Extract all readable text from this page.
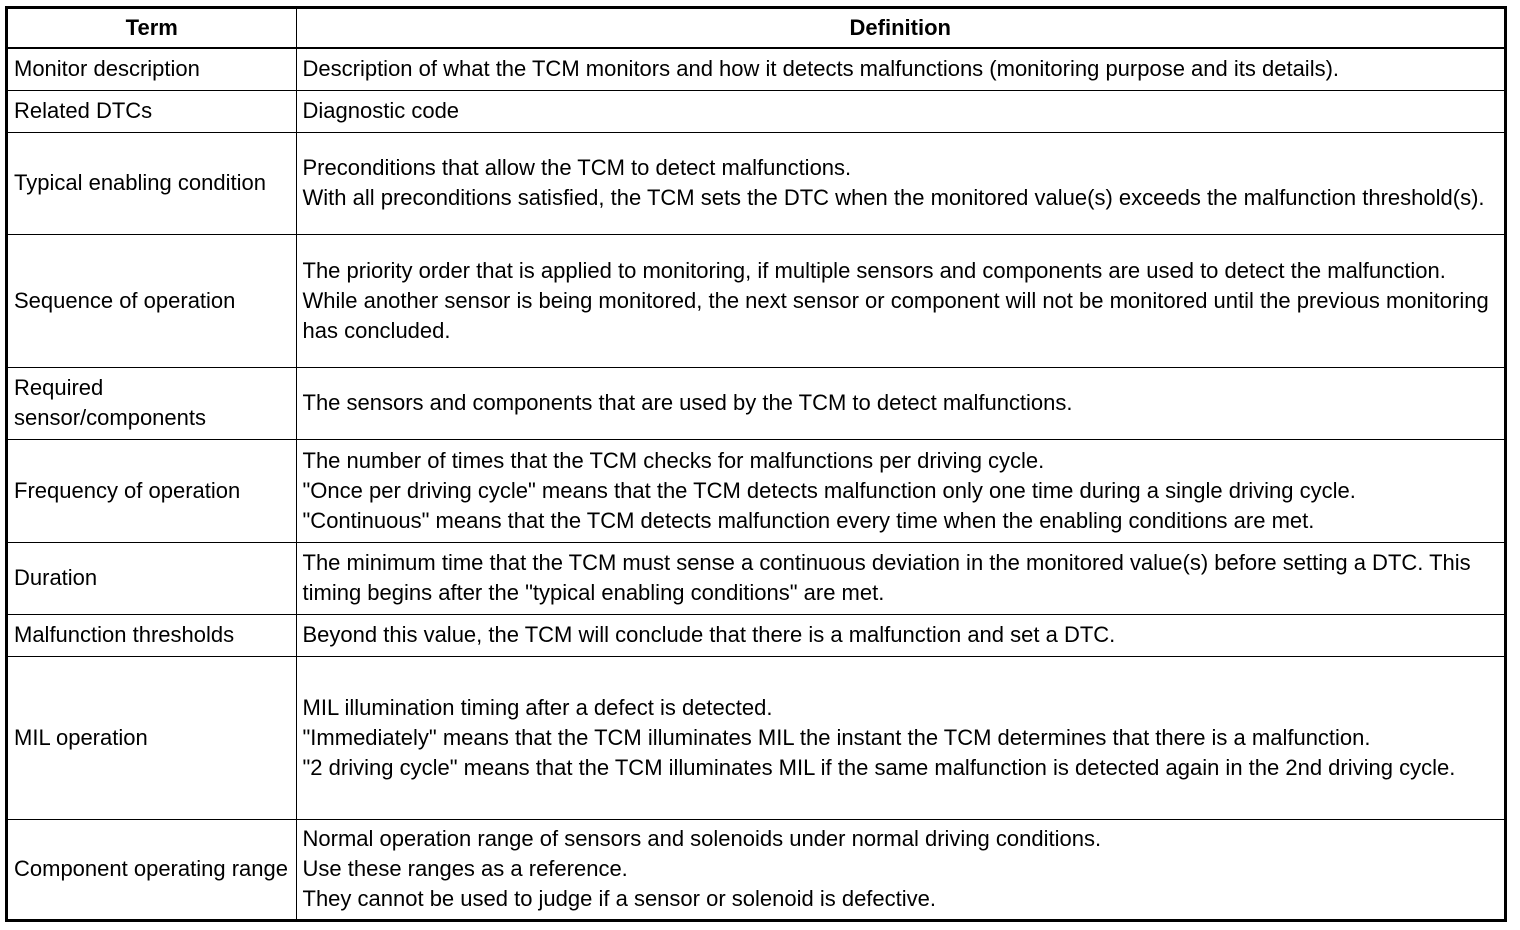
Term	Definition
Monitor description	Description of what the TCM monitors and how it detects malfunctions (monitoring purpose and its details).

Related DTCs	Diagnostic code

Typical enabling condition	Preconditions that allow the TCM to detect malfunctions.
With all preconditions satisfied, the TCM sets the DTC when the monitored value(s) exceeds the malfunction threshold(s).

Sequence of operation	The priority order that is applied to monitoring, if multiple sensors and components are used to detect the malfunction.
While another sensor is being monitored, the next sensor or component will not be monitored until the previous monitoring has concluded.

Required sensor/components	The sensors and components that are used by the TCM to detect malfunctions.

Frequency of operation	The number of times that the TCM checks for malfunctions per driving cycle.
"Once per driving cycle" means that the TCM detects malfunction only one time during a single driving cycle.
"Continuous" means that the TCM detects malfunction every time when the enabling conditions are met.

Duration	The minimum time that the TCM must sense a continuous deviation in the monitored value(s) before setting a DTC. This timing begins after the "typical enabling conditions" are met.

Malfunction thresholds	Beyond this value, the TCM will conclude that there is a malfunction and set a DTC.

MIL operation	MIL illumination timing after a defect is detected.
"Immediately" means that the TCM illuminates MIL the instant the TCM determines that there is a malfunction.
"2 driving cycle" means that the TCM illuminates MIL if the same malfunction is detected again in the 2nd driving cycle.

Component operating range	Normal operation range of sensors and solenoids under normal driving conditions.
Use these ranges as a reference.
They cannot be used to judge if a sensor or solenoid is defective.
